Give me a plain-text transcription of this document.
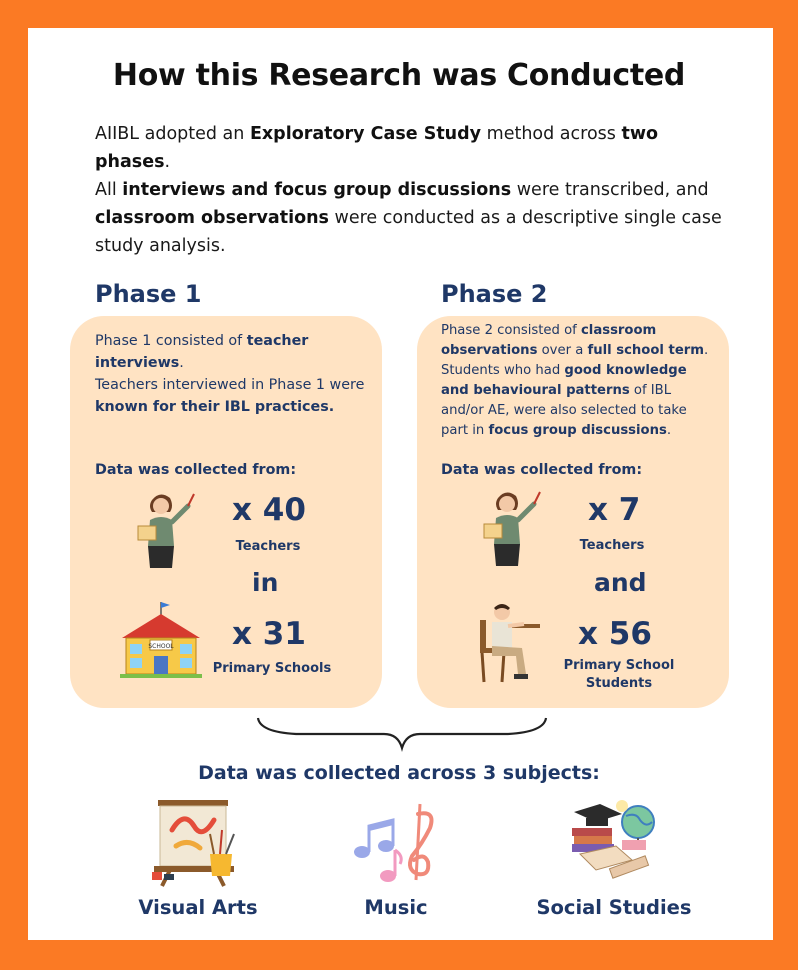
How this Research was Conducted

AIIBL adopted an Exploratory Case Study method across two phases.
All interviews and focus group discussions were transcribed, and classroom observations were conducted as a descriptive single case study analysis.

Phase 1

Phase 1 consisted of teacher interviews.
Teachers interviewed in Phase 1 were known for their IBL practices.

Data was collected from:
x 40
Teachers
in
SCHOOL x 31
Primary Schools
Phase 2

Phase 2 consisted of classroom observations over a full school term. Students who had good knowledge and behavioural patterns of IBL and/or AE, were also selected to take part in focus group discussions.

Data was collected from:
x 7
Teachers
and
x 56
Primary School
Students
Data was collected across 3 subjects:
Visual Arts	Music	Social Studies
